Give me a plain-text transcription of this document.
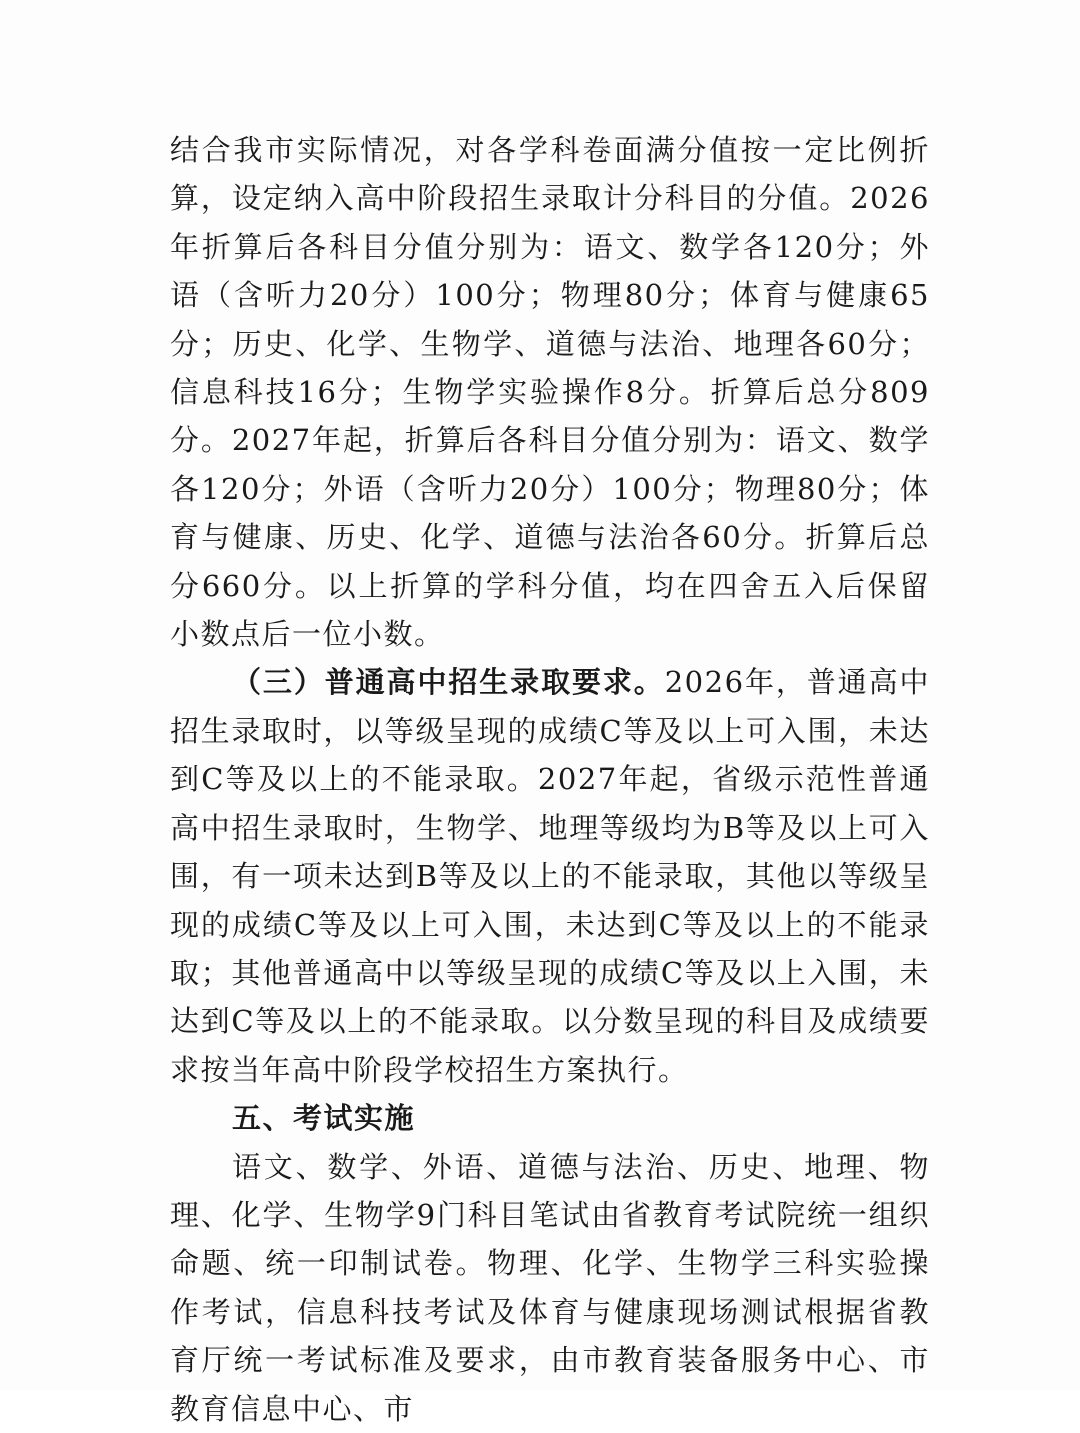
结合我市实际情况，对各学科卷面满分值按一定比例折算，设定纳入高中阶段招生录取计分科目的分值。2026年折算后各科目分值分别为：语文、数学各120分；外语（含听力20分）100分；物理80分；体育与健康65分；历史、化学、生物学、道德与法治、地理各60分；信息科技16分；生物学实验操作8分。折算后总分809分。2027年起，折算后各科目分值分别为：语文、数学各120分；外语（含听力20分）100分；物理80分；体育与健康、历史、化学、道德与法治各60分。折算后总分660分。以上折算的学科分值，均在四舍五入后保留小数点后一位小数。

（三）普通高中招生录取要求。2026年，普通高中招生录取时，以等级呈现的成绩C等及以上可入围，未达到C等及以上的不能录取。2027年起，省级示范性普通高中招生录取时，生物学、地理等级均为B等及以上可入围，有一项未达到B等及以上的不能录取，其他以等级呈现的成绩C等及以上可入围，未达到C等及以上的不能录取；其他普通高中以等级呈现的成绩C等及以上入围，未达到C等及以上的不能录取。以分数呈现的科目及成绩要求按当年高中阶段学校招生方案执行。

五、考试实施

语文、数学、外语、道德与法治、历史、地理、物理、化学、生物学9门科目笔试由省教育考试院统一组织命题、统一印制试卷。物理、化学、生物学三科实验操作考试，信息科技考试及体育与健康现场测试根据省教育厅统一考试标准及要求，由市教育装备服务中心、市教育信息中心、市
